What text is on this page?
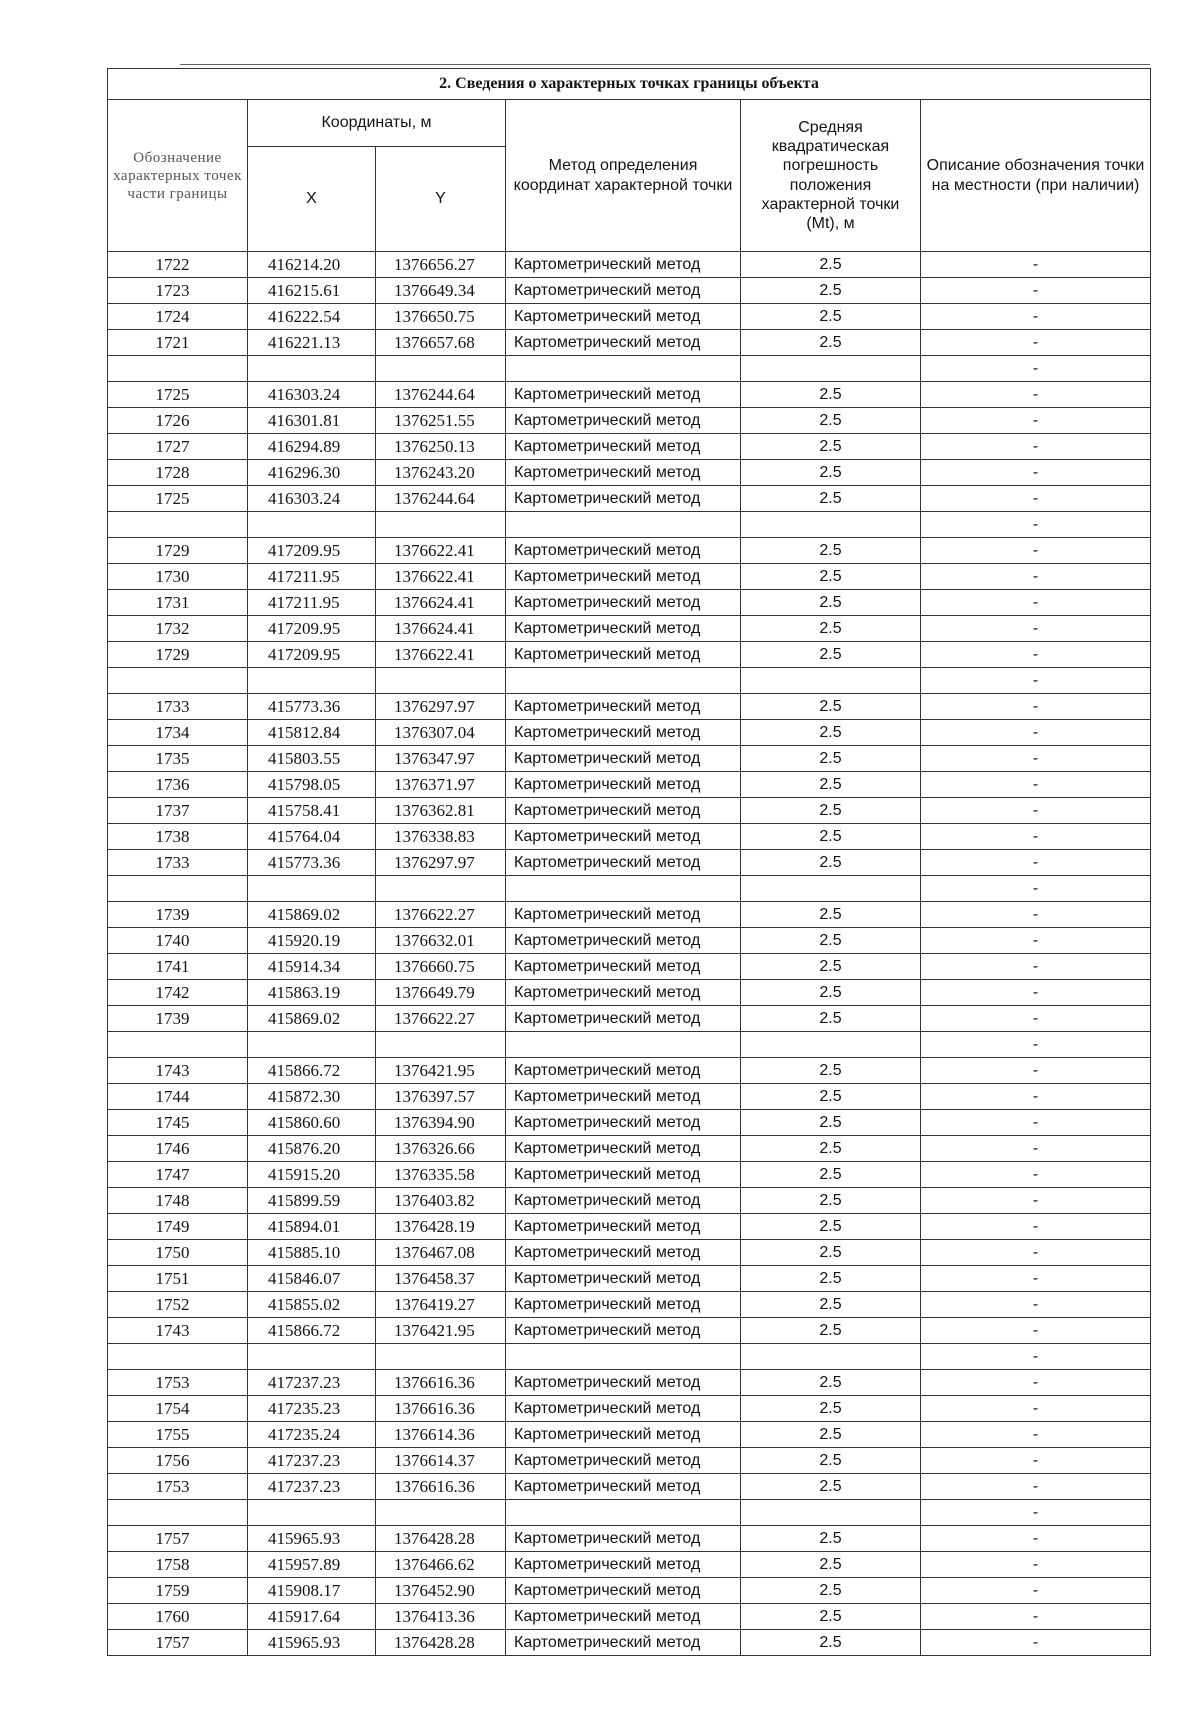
2. Сведения о характерных точках границы объекта					
Обозначение характерных точек части границы	Координаты, м		Метод определения координат характерной точки	Средняя квадратическая погрешность положения характерной точки (Mt), м	Описание обозначения точки на местности (при наличии)
	X	Y			
1722	416214.20	1376656.27	Картометрический метод	2.5	-
1723	416215.61	1376649.34	Картометрический метод	2.5	-
1724	416222.54	1376650.75	Картометрический метод	2.5	-
1721	416221.13	1376657.68	Картометрический метод	2.5	-
					-
1725	416303.24	1376244.64	Картометрический метод	2.5	-
1726	416301.81	1376251.55	Картометрический метод	2.5	-
1727	416294.89	1376250.13	Картометрический метод	2.5	-
1728	416296.30	1376243.20	Картометрический метод	2.5	-
1725	416303.24	1376244.64	Картометрический метод	2.5	-
					-
1729	417209.95	1376622.41	Картометрический метод	2.5	-
1730	417211.95	1376622.41	Картометрический метод	2.5	-
1731	417211.95	1376624.41	Картометрический метод	2.5	-
1732	417209.95	1376624.41	Картометрический метод	2.5	-
1729	417209.95	1376622.41	Картометрический метод	2.5	-
					-
1733	415773.36	1376297.97	Картометрический метод	2.5	-
1734	415812.84	1376307.04	Картометрический метод	2.5	-
1735	415803.55	1376347.97	Картометрический метод	2.5	-
1736	415798.05	1376371.97	Картометрический метод	2.5	-
1737	415758.41	1376362.81	Картометрический метод	2.5	-
1738	415764.04	1376338.83	Картометрический метод	2.5	-
1733	415773.36	1376297.97	Картометрический метод	2.5	-
					-
1739	415869.02	1376622.27	Картометрический метод	2.5	-
1740	415920.19	1376632.01	Картометрический метод	2.5	-
1741	415914.34	1376660.75	Картометрический метод	2.5	-
1742	415863.19	1376649.79	Картометрический метод	2.5	-
1739	415869.02	1376622.27	Картометрический метод	2.5	-
					-
1743	415866.72	1376421.95	Картометрический метод	2.5	-
1744	415872.30	1376397.57	Картометрический метод	2.5	-
1745	415860.60	1376394.90	Картометрический метод	2.5	-
1746	415876.20	1376326.66	Картометрический метод	2.5	-
1747	415915.20	1376335.58	Картометрический метод	2.5	-
1748	415899.59	1376403.82	Картометрический метод	2.5	-
1749	415894.01	1376428.19	Картометрический метод	2.5	-
1750	415885.10	1376467.08	Картометрический метод	2.5	-
1751	415846.07	1376458.37	Картометрический метод	2.5	-
1752	415855.02	1376419.27	Картометрический метод	2.5	-
1743	415866.72	1376421.95	Картометрический метод	2.5	-
					-
1753	417237.23	1376616.36	Картометрический метод	2.5	-
1754	417235.23	1376616.36	Картометрический метод	2.5	-
1755	417235.24	1376614.36	Картометрический метод	2.5	-
1756	417237.23	1376614.37	Картометрический метод	2.5	-
1753	417237.23	1376616.36	Картометрический метод	2.5	-
					-
1757	415965.93	1376428.28	Картометрический метод	2.5	-
1758	415957.89	1376466.62	Картометрический метод	2.5	-
1759	415908.17	1376452.90	Картометрический метод	2.5	-
1760	415917.64	1376413.36	Картометрический метод	2.5	-
1757	415965.93	1376428.28	Картометрический метод	2.5	-
